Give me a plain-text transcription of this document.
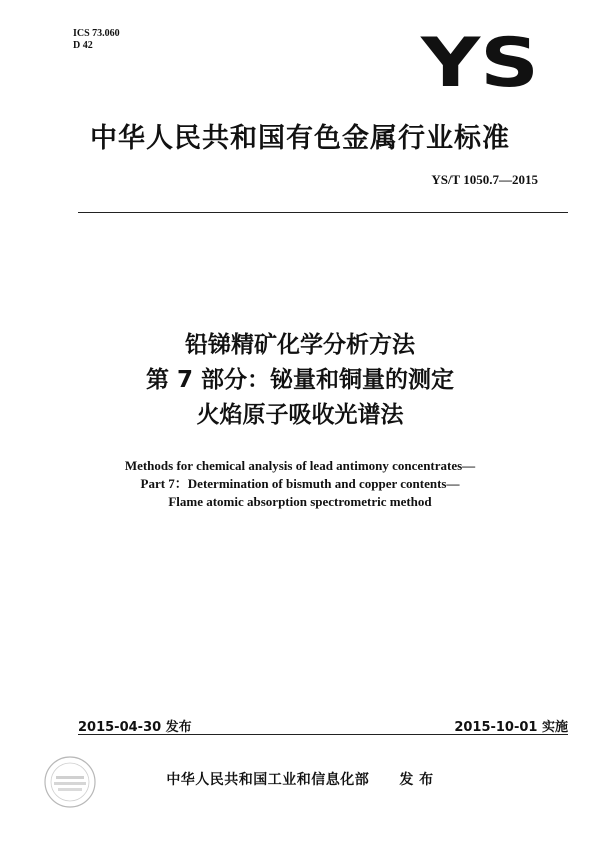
ICS 73.060
D 42	YS
中华人民共和国有色金属行业标准
YS/T 1050.7—2015
铅锑精矿化学分析方法
第 7 部分：铋量和铜量的测定
火焰原子吸收光谱法
Methods for chemical analysis of lead antimony concentrates—
Part 7：Determination of bismuth and copper contents—
Flame atomic absorption spectrometric method
2015-04-30 发布	2015-10-01 实施
中华人民共和国工业和信息化部 发 布
